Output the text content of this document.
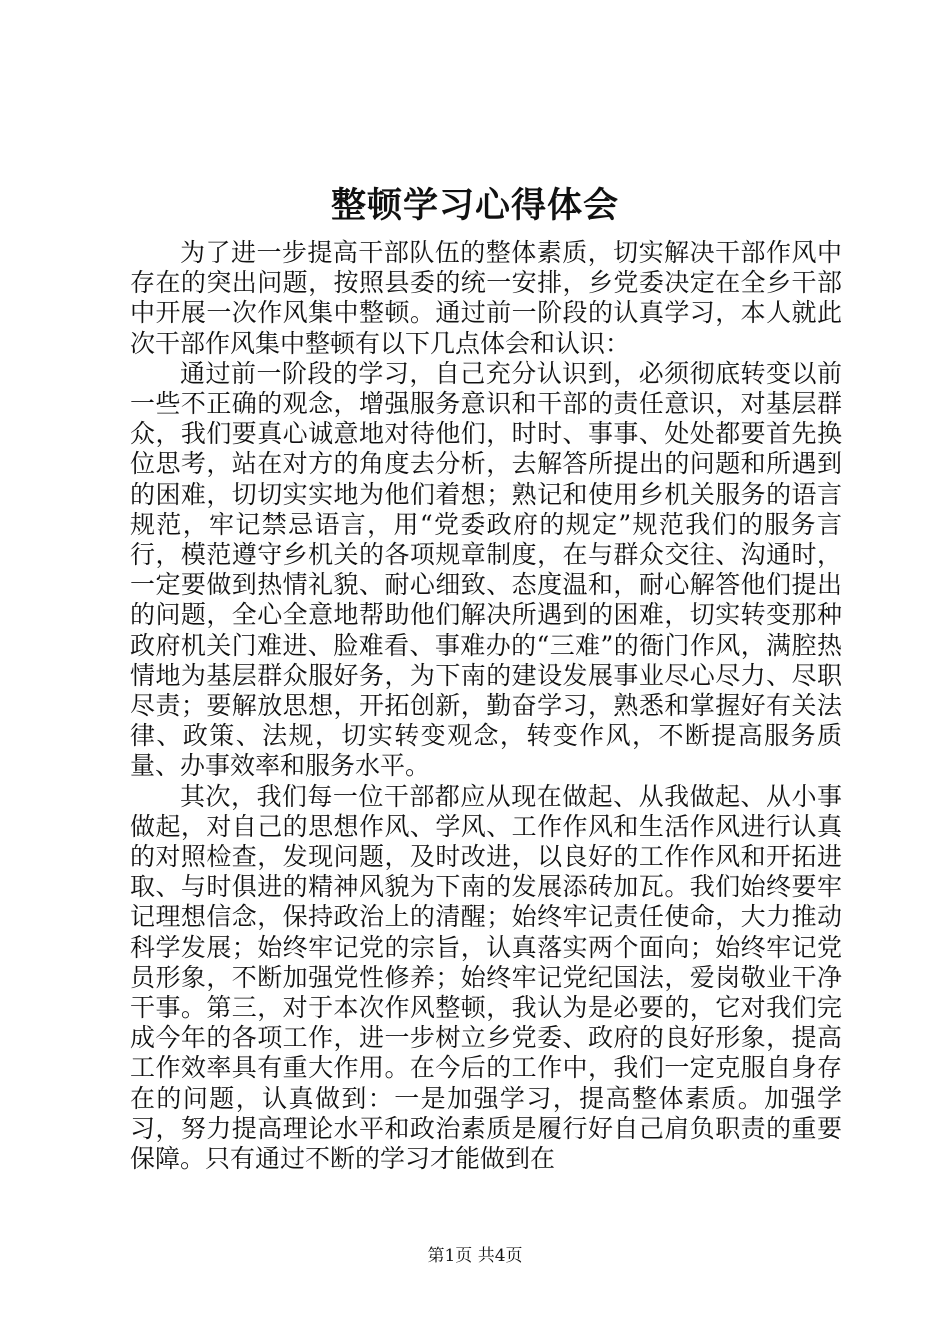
整顿学习心得体会

为了进一步提高干部队伍的整体素质，切实解决干部作风中存在的突出问题，按照县委的统一安排，乡党委决定在全乡干部中开展一次作风集中整顿。通过前一阶段的认真学习，本人就此次干部作风集中整顿有以下几点体会和认识：

通过前一阶段的学习，自己充分认识到，必须彻底转变以前一些不正确的观念，增强服务意识和干部的责任意识，对基层群众，我们要真心诚意地对待他们，时时、事事、处处都要首先换位思考，站在对方的角度去分析，去解答所提出的问题和所遇到的困难，切切实实地为他们着想；熟记和使用乡机关服务的语言规范，牢记禁忌语言，用“党委政府的规定”规范我们的服务言行，模范遵守乡机关的各项规章制度，在与群众交往、沟通时，一定要做到热情礼貌、耐心细致、态度温和，耐心解答他们提出的问题，全心全意地帮助他们解决所遇到的困难，切实转变那种政府机关门难进、脸难看、事难办的“三难”的衙门作风，满腔热情地为基层群众服好务，为下南的建设发展事业尽心尽力、尽职尽责；要解放思想，开拓创新，勤奋学习，熟悉和掌握好有关法律、政策、法规，切实转变观念，转变作风，不断提高服务质量、办事效率和服务水平。

其次，我们每一位干部都应从现在做起、从我做起、从小事做起，对自己的思想作风、学风、工作作风和生活作风进行认真的对照检查，发现问题，及时改进，以良好的工作作风和开拓进取、与时俱进的精神风貌为下南的发展添砖加瓦。我们始终要牢记理想信念，保持政治上的清醒；始终牢记责任使命，大力推动科学发展；始终牢记党的宗旨，认真落实两个面向；始终牢记党员形象，不断加强党性修养；始终牢记党纪国法，爱岗敬业干净干事。第三，对于本次作风整顿，我认为是必要的，它对我们完成今年的各项工作，进一步树立乡党委、政府的良好形象，提高工作效率具有重大作用。在今后的工作中，我们一定克服自身存在的问题，认真做到：一是加强学习，提高整体素质。加强学习，努力提高理论水平和政治素质是履行好自己肩负职责的重要保障。只有通过不断的学习才能做到在

第1页 共4页
